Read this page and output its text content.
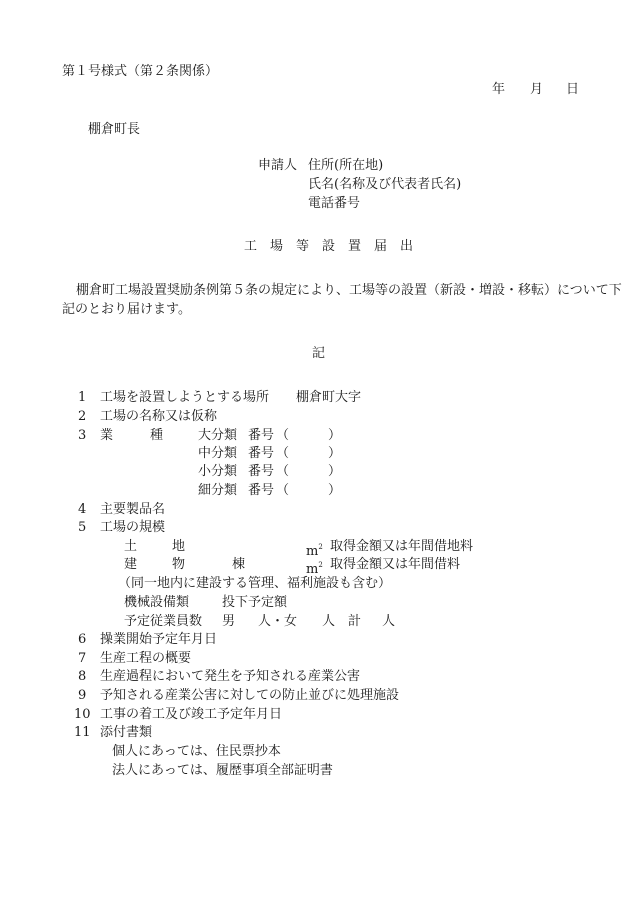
第１号様式（第２条関係）
年 月 日
棚倉町長
申請人 住所(所在地)
氏名(名称及び代表者氏名)
電話番号
工　場　等　設　置　届　出
棚倉町工場設置奨励条例第５条の規定により、工場等の設置（新設・増設・移転）について下
記のとおり届けます。
記
1 工場を設置しようとする場所 棚倉町大字
2 工場の名称又は仮称
3 業	種	大分類 番号 （	）
中分類 番号 （	）
小分類 番号 （	）
細分類 番号 （	）
4 主要製品名
5 工場の規模
土	地	$m^2$ 取得金額又は年間借地料
建	物	棟	$m^2$ 取得金額又は年間借料
（同一地内に建設する管理、福利施設も含む）
機械設備類	投下予定額
予定従業員数 男 人・女 人　計 人
6 操業開始予定年月日
7 生産工程の概要
8 生産過程において発生を予知される産業公害
9 予知される産業公害に対しての防止並びに処理施設
10 工事の着工及び竣工予定年月日
11 添付書類
個人にあっては、住民票抄本
法人にあっては、履歴事項全部証明書
